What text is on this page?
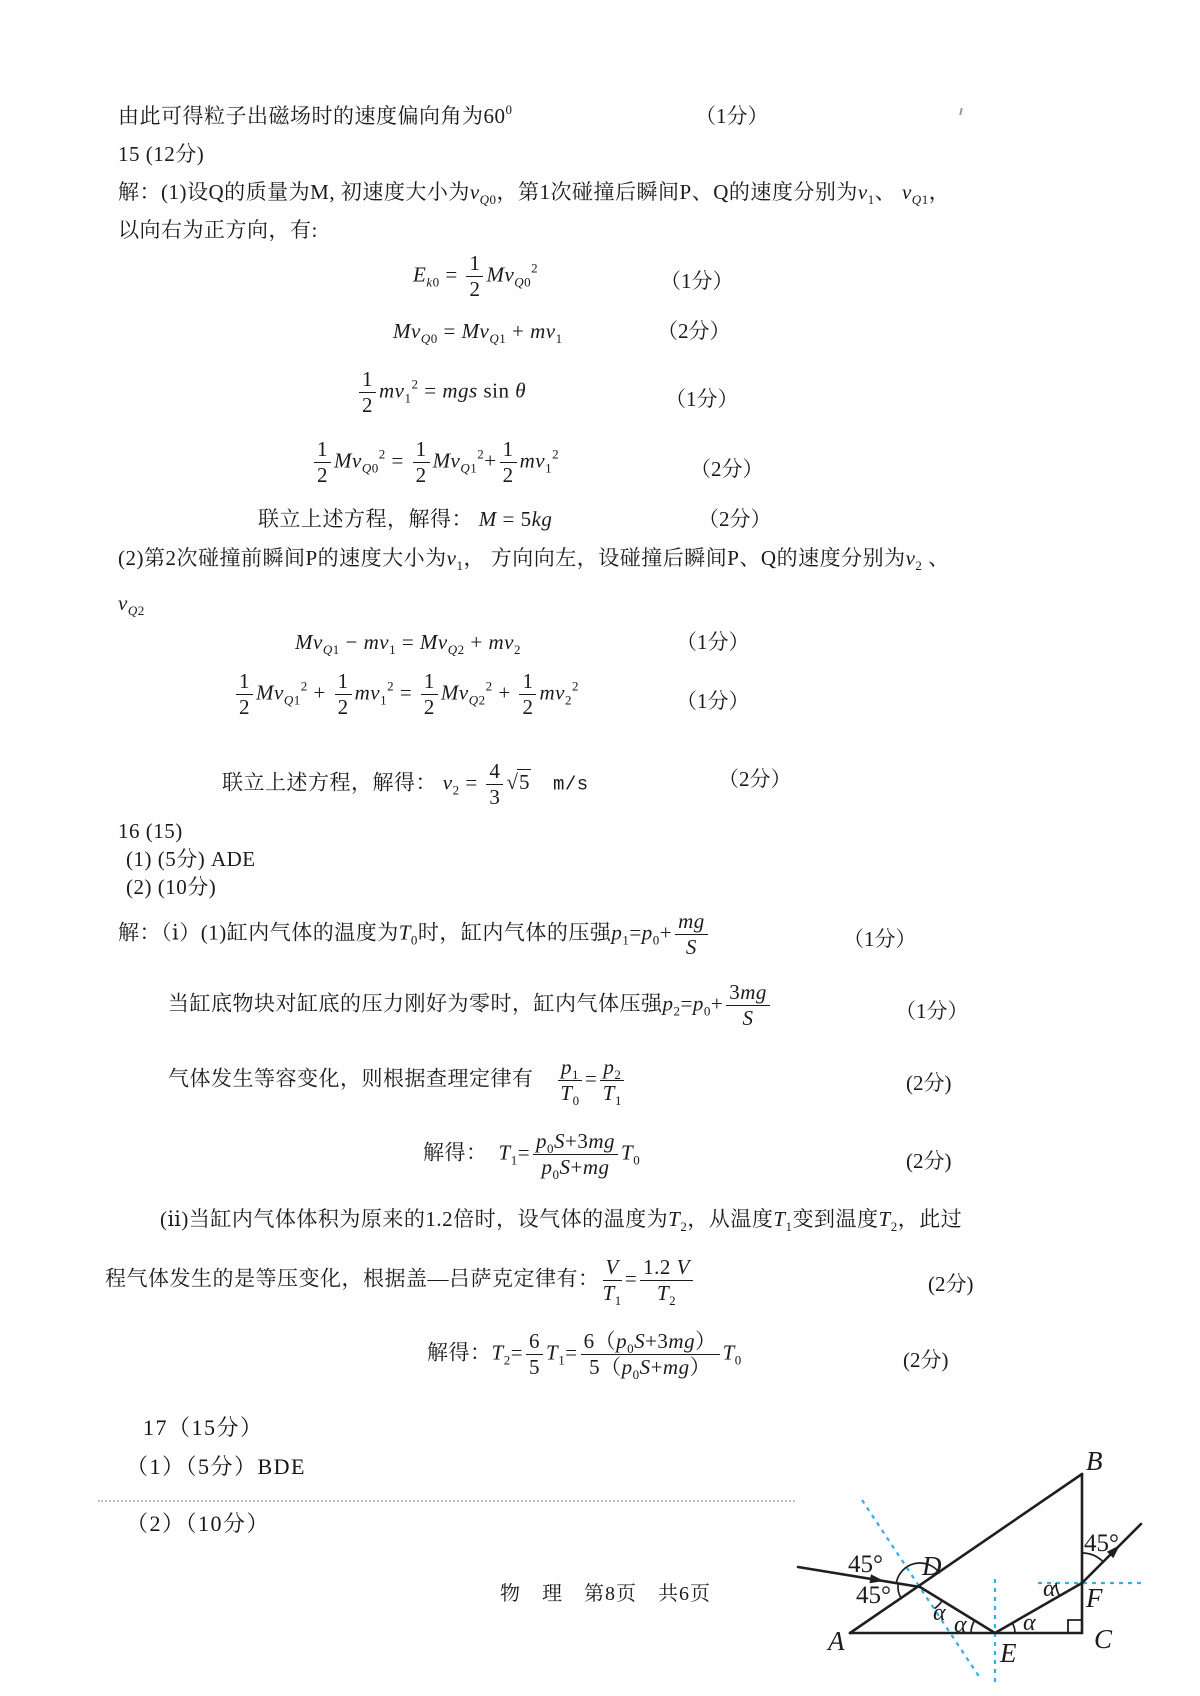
由此可得粒子出磁场时的速度偏向角为$60^0$	（1分）
15 (12分)
解：(1)设Q的质量为M, 初速度大小为$v_{Q0}$，第1次碰撞后瞬间P、Q的速度分别为$v_1$、 $v_{Q1}$，
以向右为正方向，有:
$E_{k0} = \frac{1}{2} Mv_{Q0}^2$
（1分）
$Mv_{Q0} = Mv_{Q1} + mv_1$	（2分）
$\frac{1}{2} mv_1^2$ = mgs sin θ	（1分）
$\frac{1}{2} Mv_{Q0}^2 = \frac{1}{2} Mv_{Q1}^2+ \frac{1}{2} mv_1^2$
（2分）
联立上述方程，解得： M = 5kg	（2分）
(2)第2次碰撞前瞬间P的速度大小为$v_1$， 方向向左，设碰撞后瞬间P、Q的速度分别为$v_2$ 、
$v_{Q2}$
$Mv_{Q1} - mv_1 = Mv_{Q2} + mv_2$	（1分）
$\frac{1}{2} Mv_{Q1}^2 + \frac{1}{2} mv_1^2 = \frac{1}{2} Mv_{Q2}^2 + \frac{1}{2} mv_2^2$
（1分）
联立上述方程，解得： $v_2 = \frac{4}{3} √5$　 m/s	（2分）
16 (15)
(1) (5分) ADE
(2) (10分)
解：（ⅰ）(1)缸内气体的温度为$T_0$时，缸内气体的压强$p_1=p_0+ \frac{mg}{S}$	（1分）
当缸底物块对缸底的压力刚好为零时，缸内气体压强$p_2=p_0+ \frac{3mg}{S}$	（1分）
气体发生等容变化，则根据查理定律有　 $\frac{p_1}{T_0} = \frac{p_2}{T_1}$	(2分)
解得：　$T_1= \frac{p_0S+3mg}{p_0S+mg} T_0$	(2分)
(ⅱ)当缸内气体体积为原来的1.2倍时，设气体的温度为$T_2$，从温度$T_1$变到温度$T_2$，此过
程气体发生的是等压变化，根据盖—吕萨克定律有： $\frac{V}{T_1} = \frac{1.2 V}{T_2}$	(2分)
解得：$T_2= \frac{6}{5} T_1= \frac{6(p_0S+3mg)}{5(p_0S+mg)} T_0$	(2分)
17（15分）
（1）（5分）BDE
（2）（10分）
物　理　第8页　共6页
A
B
C
D
E
F
45°
45°
45°
α α α
α
